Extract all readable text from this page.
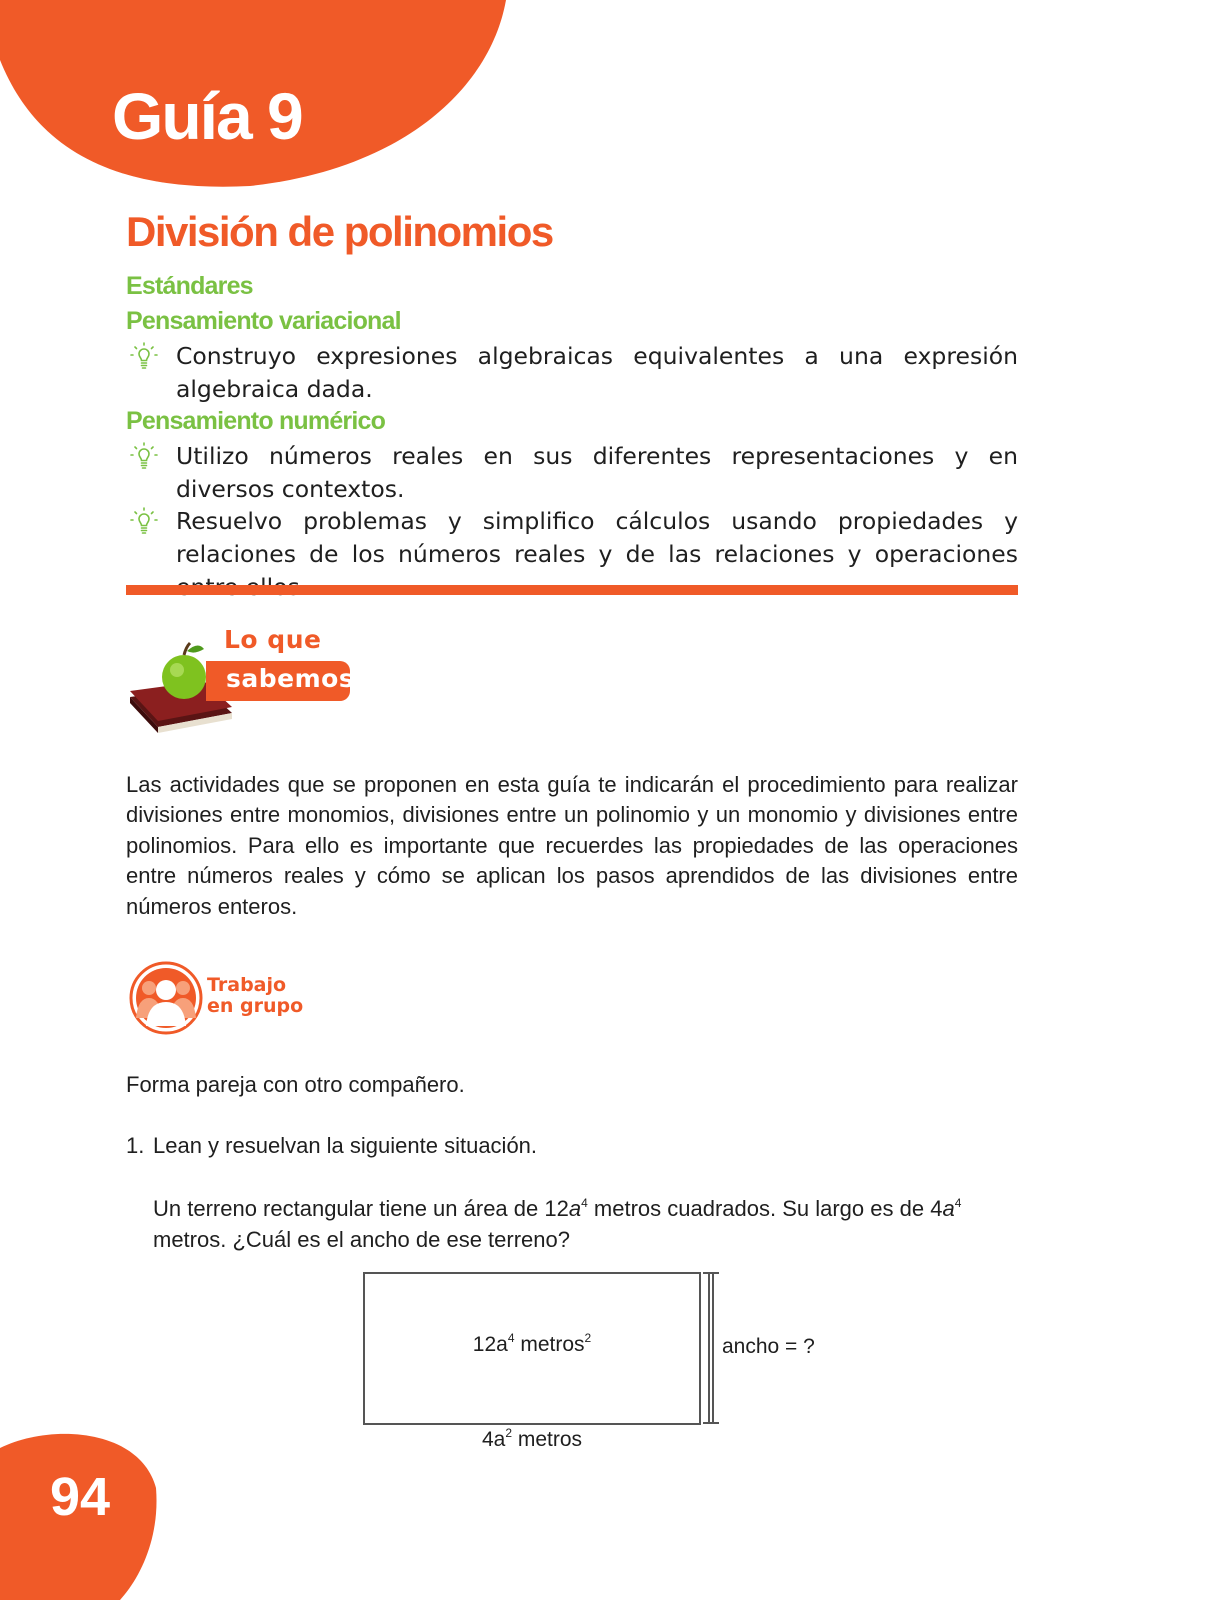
Guía 9
División de polinomios
Estándares
Pensamiento variacional
Construyo expresiones algebraicas equivalentes a una expresión algebraica dada.
Pensamiento numérico
Utilizo números reales en sus diferentes representaciones y en diversos contextos.
Resuelvo problemas y simplifico cálculos usando propiedades y relaciones de los números reales y de las relaciones y operaciones
Lo que
sabemos
Las actividades que se proponen en esta guía te indicarán el procedimiento para realizar divisiones entre monomios, divisiones entre un polinomio y un monomio y divisiones entre polinomios. Para ello es importante que recuerdes las propiedades de las operaciones entre números reales y cómo se aplican los pasos aprendidos de las divisiones entre números enteros.
Trabajo
en grupo
Forma pareja con otro compañero.
1. Lean y resuelvan la siguiente situación.
Un terreno rectangular tiene un área de $12a^4$ metros cuadrados. Su largo es de $4a^4$ metros. ¿Cuál es el ancho de ese terreno?
$12a^4$ metros$^2$	ancho = ?
$4a^2$ metros
94
